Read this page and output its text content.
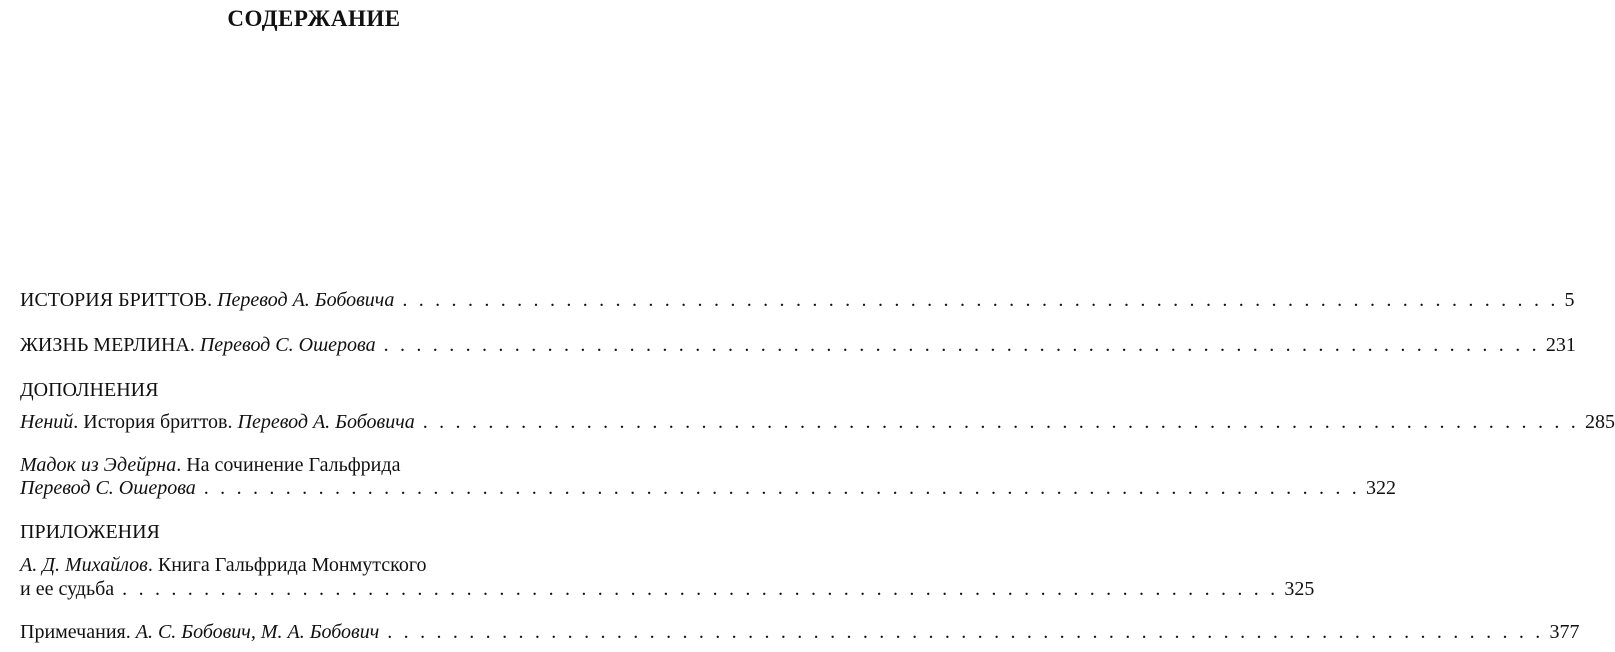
СОДЕРЖАНИЕ
ИСТОРИЯ БРИТТОВ. Перевод А. Бобовича . . . . . . . . . . . . . . . . . . . . . . . . . . . . . . . . . . . . . . . . . . . . . . . . . . . . . . . . . . . . . . . . . . . . . . . 5
ЖИЗНЬ МЕРЛИНА. Перевод С. Ошерова . . . . . . . . . . . . . . . . . . . . . . . . . . . . . . . . . . . . . . . . . . . . . . . . . . . . . . . . . . . . . . . . . . . . . . . 231
ДОПОЛНЕНИЯ
Нений. История бриттов. Перевод А. Бобовича . . . . . . . . . . . . . . . . . . . . . . . . . . . . . . . . . . . . . . . . . . . . . . . . . . . . . . . . . . . . . . . . . . . . . . . 285
Мадок из Эдейрна. На сочинение Гальфрида
Перевод С. Ошерова . . . . . . . . . . . . . . . . . . . . . . . . . . . . . . . . . . . . . . . . . . . . . . . . . . . . . . . . . . . . . . . . . . . . . . . 322
ПРИЛОЖЕНИЯ
А. Д. Михайлов. Книга Гальфрида Монмутского
и ее судьба . . . . . . . . . . . . . . . . . . . . . . . . . . . . . . . . . . . . . . . . . . . . . . . . . . . . . . . . . . . . . . . . . . . . . . . 325
Примечания. А. С. Бобович, М. А. Бобович . . . . . . . . . . . . . . . . . . . . . . . . . . . . . . . . . . . . . . . . . . . . . . . . . . . . . . . . . . . . . . . . . . . . . . . 377
